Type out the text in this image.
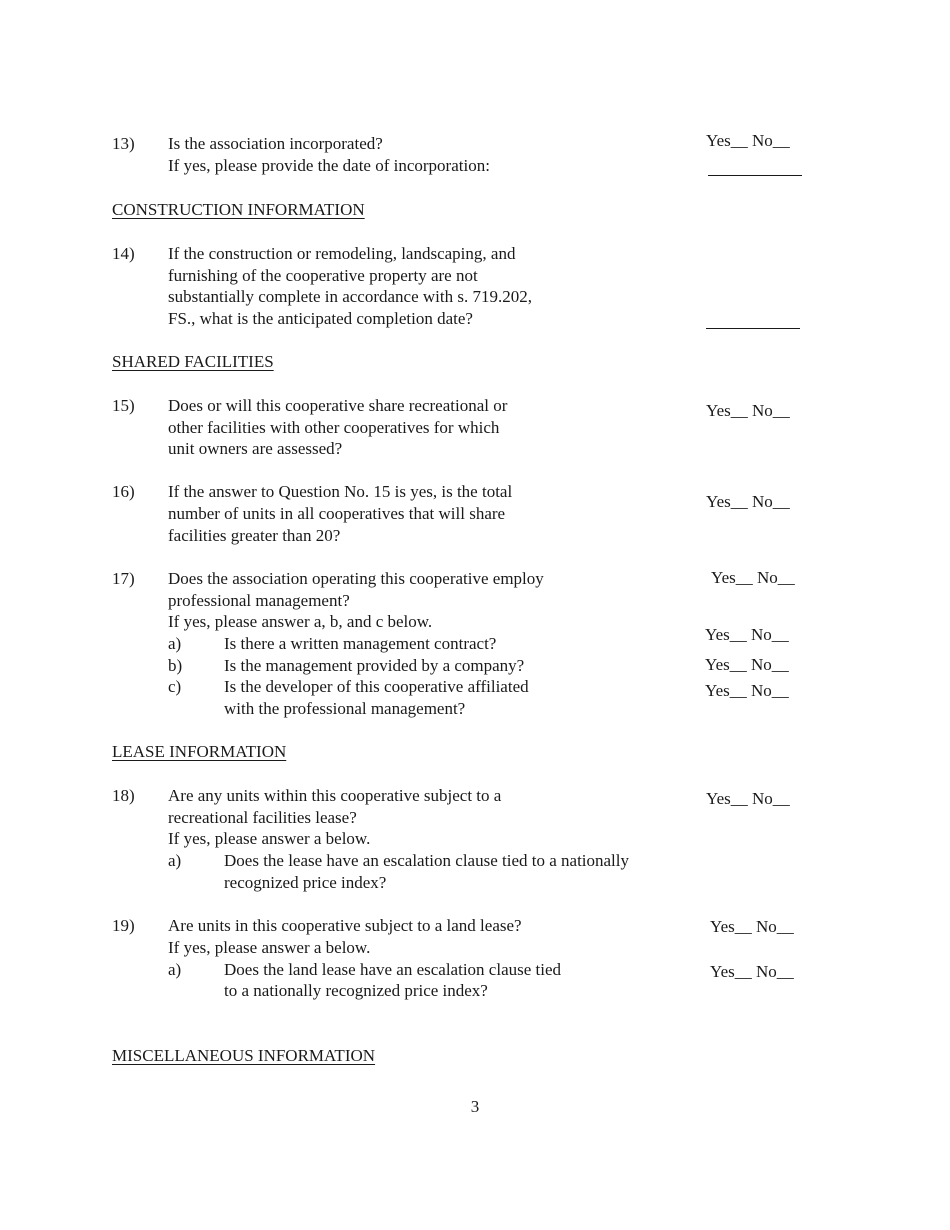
13) Is the association incorporated?

If yes, please provide the date of incorporation:

Yes__ No__

CONSTRUCTION INFORMATION

14) If the construction or remodeling, landscaping, and

furnishing of the cooperative property are not

substantially complete in accordance with s. 719.202,

FS., what is the anticipated completion date?

SHARED FACILITIES

15) Does or will this cooperative share recreational or

other facilities with other cooperatives for which

unit owners are assessed?

Yes__ No__

16) If the answer to Question No. 15 is yes, is the total

number of units in all cooperatives that will share

facilities greater than 20?

Yes__ No__

17) Does the association operating this cooperative employ

professional management?

If yes, please answer a, b, and c below.

Yes__ No__

a)	Is there a written management contract?	Yes__ No__

b) Is the management provided by a company?	Yes__ No__

c)	Is the developer of this cooperative affiliated

with the professional management?

Yes__ No__

LEASE INFORMATION

18) Are any units within this cooperative subject to a

recreational facilities lease?

If yes, please answer a below.

Yes__ No__

a)	Does the lease have an escalation clause tied to a nationally

recognized price index?

19) Are units in this cooperative subject to a land lease?

If yes, please answer a below.

Yes__ No__

a)	Does the land lease have an escalation clause tied

to a nationally recognized price index?

Yes__ No__

MISCELLANEOUS INFORMATION

3
